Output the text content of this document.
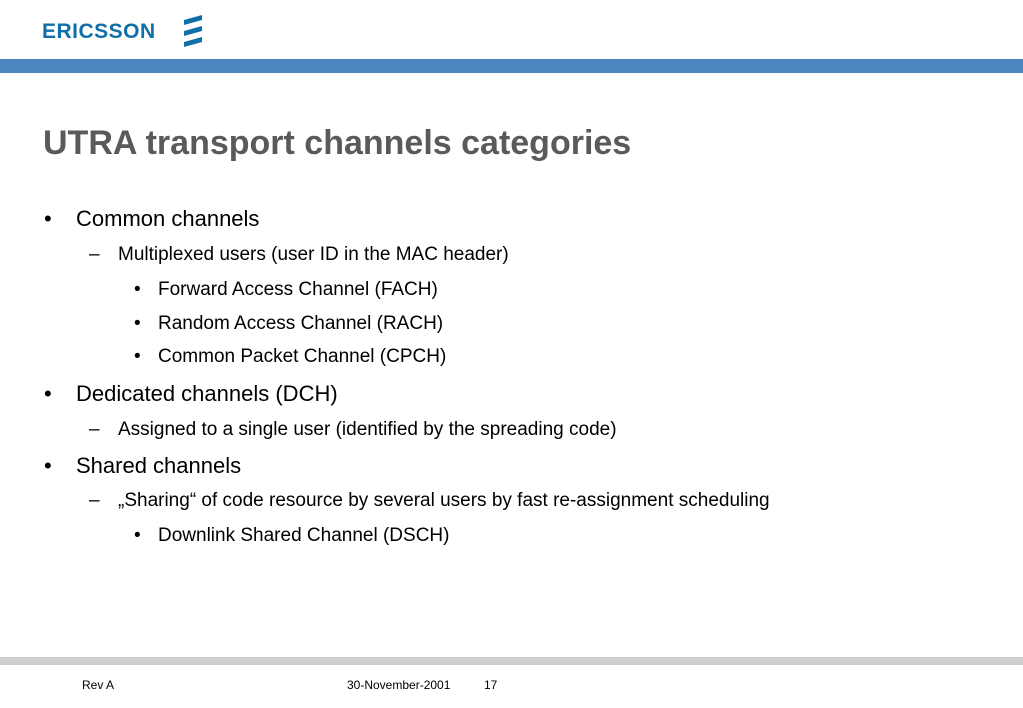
ERICSSON
UTRA transport channels categories
• Common channels
– Multiplexed users (user ID in the MAC header)
• Forward Access Channel (FACH)
• Random Access Channel (RACH)
• Common Packet Channel (CPCH)
• Dedicated channels (DCH)
– Assigned to a single user (identified by the spreading code)
• Shared channels
– „Sharing“ of code resource by several users by fast re-assignment scheduling
• Downlink Shared Channel (DSCH)
Rev A	30-November-2001	17
